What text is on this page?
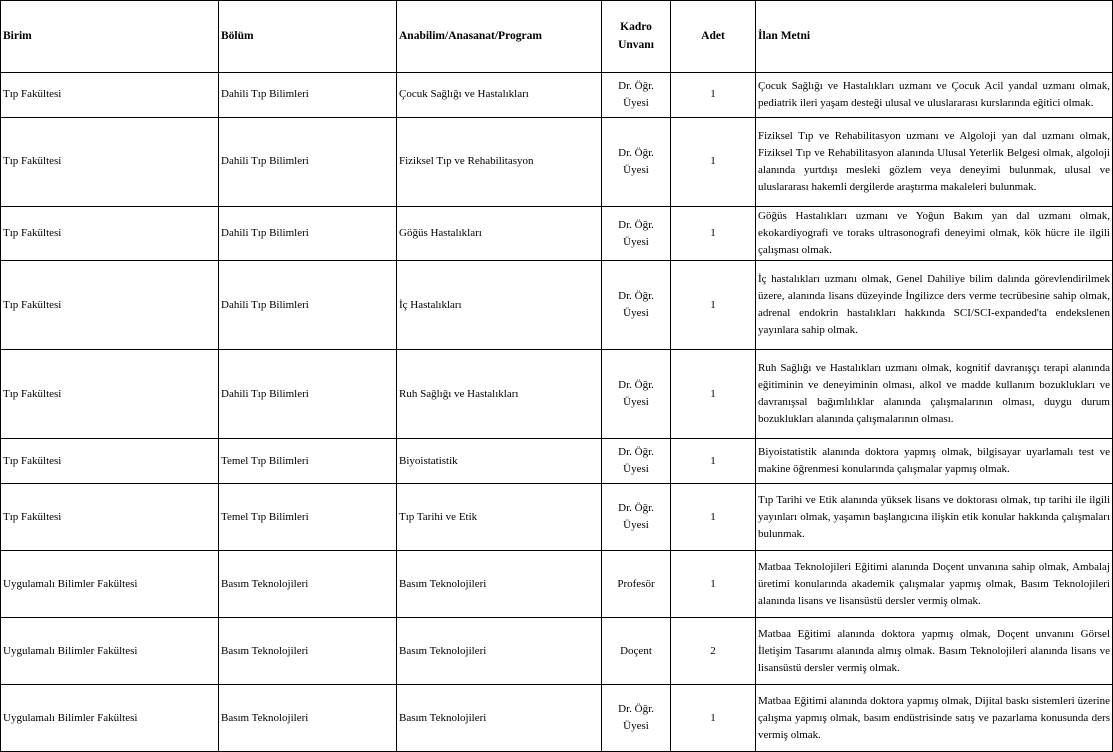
Birim	Bölüm	Anabilim/Anasanat/Program	Kadro Unvanı	Adet	İlan Metni
Tıp Fakültesi	Dahili Tıp Bilimleri	Çocuk Sağlığı ve Hastalıkları	Dr. Öğr. Üyesi	1	Çocuk Sağlığı ve Hastalıkları uzmanı ve Çocuk Acil yandal uzmanı olmak, pediatrik ileri yaşam desteği ulusal ve uluslararası kurslarında eğitici olmak.
Tıp Fakültesi	Dahili Tıp Bilimleri	Fiziksel Tıp ve Rehabilitasyon	Dr. Öğr. Üyesi	1	Fiziksel Tıp ve Rehabilitasyon uzmanı ve Algoloji yan dal uzmanı olmak, Fiziksel Tıp ve Rehabilitasyon alanında Ulusal Yeterlik Belgesi olmak, algoloji alanında yurtdışı mesleki gözlem veya deneyimi bulunmak, ulusal ve uluslararası hakemli dergilerde araştırma makaleleri bulunmak.
Tıp Fakültesi	Dahili Tıp Bilimleri	Göğüs Hastalıkları	Dr. Öğr. Üyesi	1	Göğüs Hastalıkları uzmanı ve Yoğun Bakım yan dal uzmanı olmak, ekokardiyografi ve toraks ultrasonografi deneyimi olmak, kök hücre ile ilgili çalışması olmak.
Tıp Fakültesi	Dahili Tıp Bilimleri	İç Hastalıkları	Dr. Öğr. Üyesi	1	İç hastalıkları uzmanı olmak, Genel Dahiliye bilim dalında görevlendirilmek üzere, alanında lisans düzeyinde İngilizce ders verme tecrübesine sahip olmak, adrenal endokrin hastalıkları hakkında SCI/SCI-expanded'ta endekslenen yayınlara sahip olmak.
Tıp Fakültesi	Dahili Tıp Bilimleri	Ruh Sağlığı ve Hastalıkları	Dr. Öğr. Üyesi	1	Ruh Sağlığı ve Hastalıkları uzmanı olmak, kognitif davranışçı terapi alanında eğitiminin ve deneyiminin olması, alkol ve madde kullanım bozuklukları ve davranışsal bağımlılıklar alanında çalışmalarının olması, duygu durum bozuklukları alanında çalışmalarının olması.
Tıp Fakültesi	Temel Tıp Bilimleri	Biyoistatistik	Dr. Öğr. Üyesi	1	Biyoistatistik alanında doktora yapmış olmak, bilgisayar uyarlamalı test ve makine öğrenmesi konularında çalışmalar yapmış olmak.
Tıp Fakültesi	Temel Tıp Bilimleri	Tıp Tarihi ve Etik	Dr. Öğr. Üyesi	1	Tıp Tarihi ve Etik alanında yüksek lisans ve doktorası olmak, tıp tarihi ile ilgili yayınları olmak, yaşamın başlangıcına ilişkin etik konular hakkında çalışmaları bulunmak.
Uygulamalı Bilimler Fakültesi	Basım Teknolojileri	Basım Teknolojileri	Profesör	1	Matbaa Teknolojileri Eğitimi alanında Doçent unvanına sahip olmak, Ambalaj üretimi konularında akademik çalışmalar yapmış olmak, Basım Teknolojileri alanında lisans ve lisansüstü dersler vermiş olmak.
Uygulamalı Bilimler Fakültesi	Basım Teknolojileri	Basım Teknolojileri	Doçent	2	Matbaa Eğitimi alanında doktora yapmış olmak, Doçent unvanını Görsel İletişim Tasarımı alanında almış olmak. Basım Teknolojileri alanında lisans ve lisansüstü dersler vermiş olmak.
Uygulamalı Bilimler Fakültesi	Basım Teknolojileri	Basım Teknolojileri	Dr. Öğr. Üyesi	1	Matbaa Eğitimi alanında doktora yapmış olmak, Dijital baskı sistemleri üzerine çalışma yapmış olmak, basım endüstrisinde satış ve pazarlama konusunda ders vermiş olmak.
